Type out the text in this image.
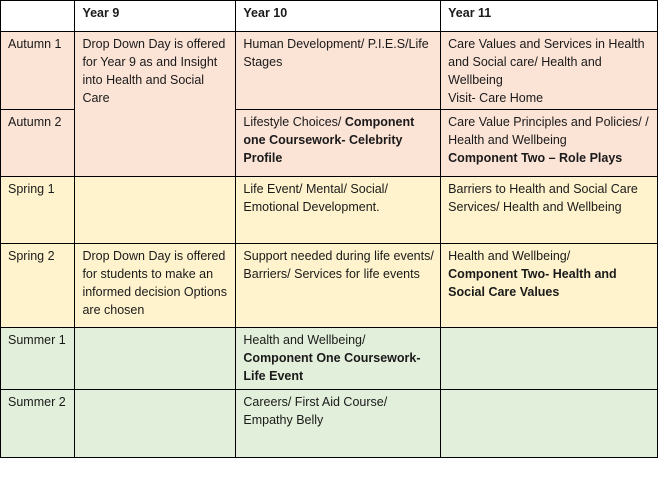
	Year 9	Year 10	Year 11
Autumn 1	Drop Down Day is offered for Year 9 as and Insight into Health and Social Care	Human Development/ P.I.E.S/Life Stages	Care Values and Services in Health and Social care/ Health and Wellbeing
Visit- Care Home
Autumn 2		Lifestyle Choices/ Component one Coursework- Celebrity Profile	Care Value Principles and Policies/ / Health and Wellbeing
Component Two – Role Plays
Spring 1		Life Event/ Mental/ Social/ Emotional Development.	Barriers to Health and Social Care Services/ Health and Wellbeing
Spring 2	Drop Down Day is offered for students to make an informed decision Options are chosen	Support needed during life events/ Barriers/ Services for life events	Health and Wellbeing/
Component Two- Health and Social Care Values
Summer 1		Health and Wellbeing/
Component One Coursework- Life Event	
Summer 2		Careers/ First Aid Course/ Empathy Belly	
